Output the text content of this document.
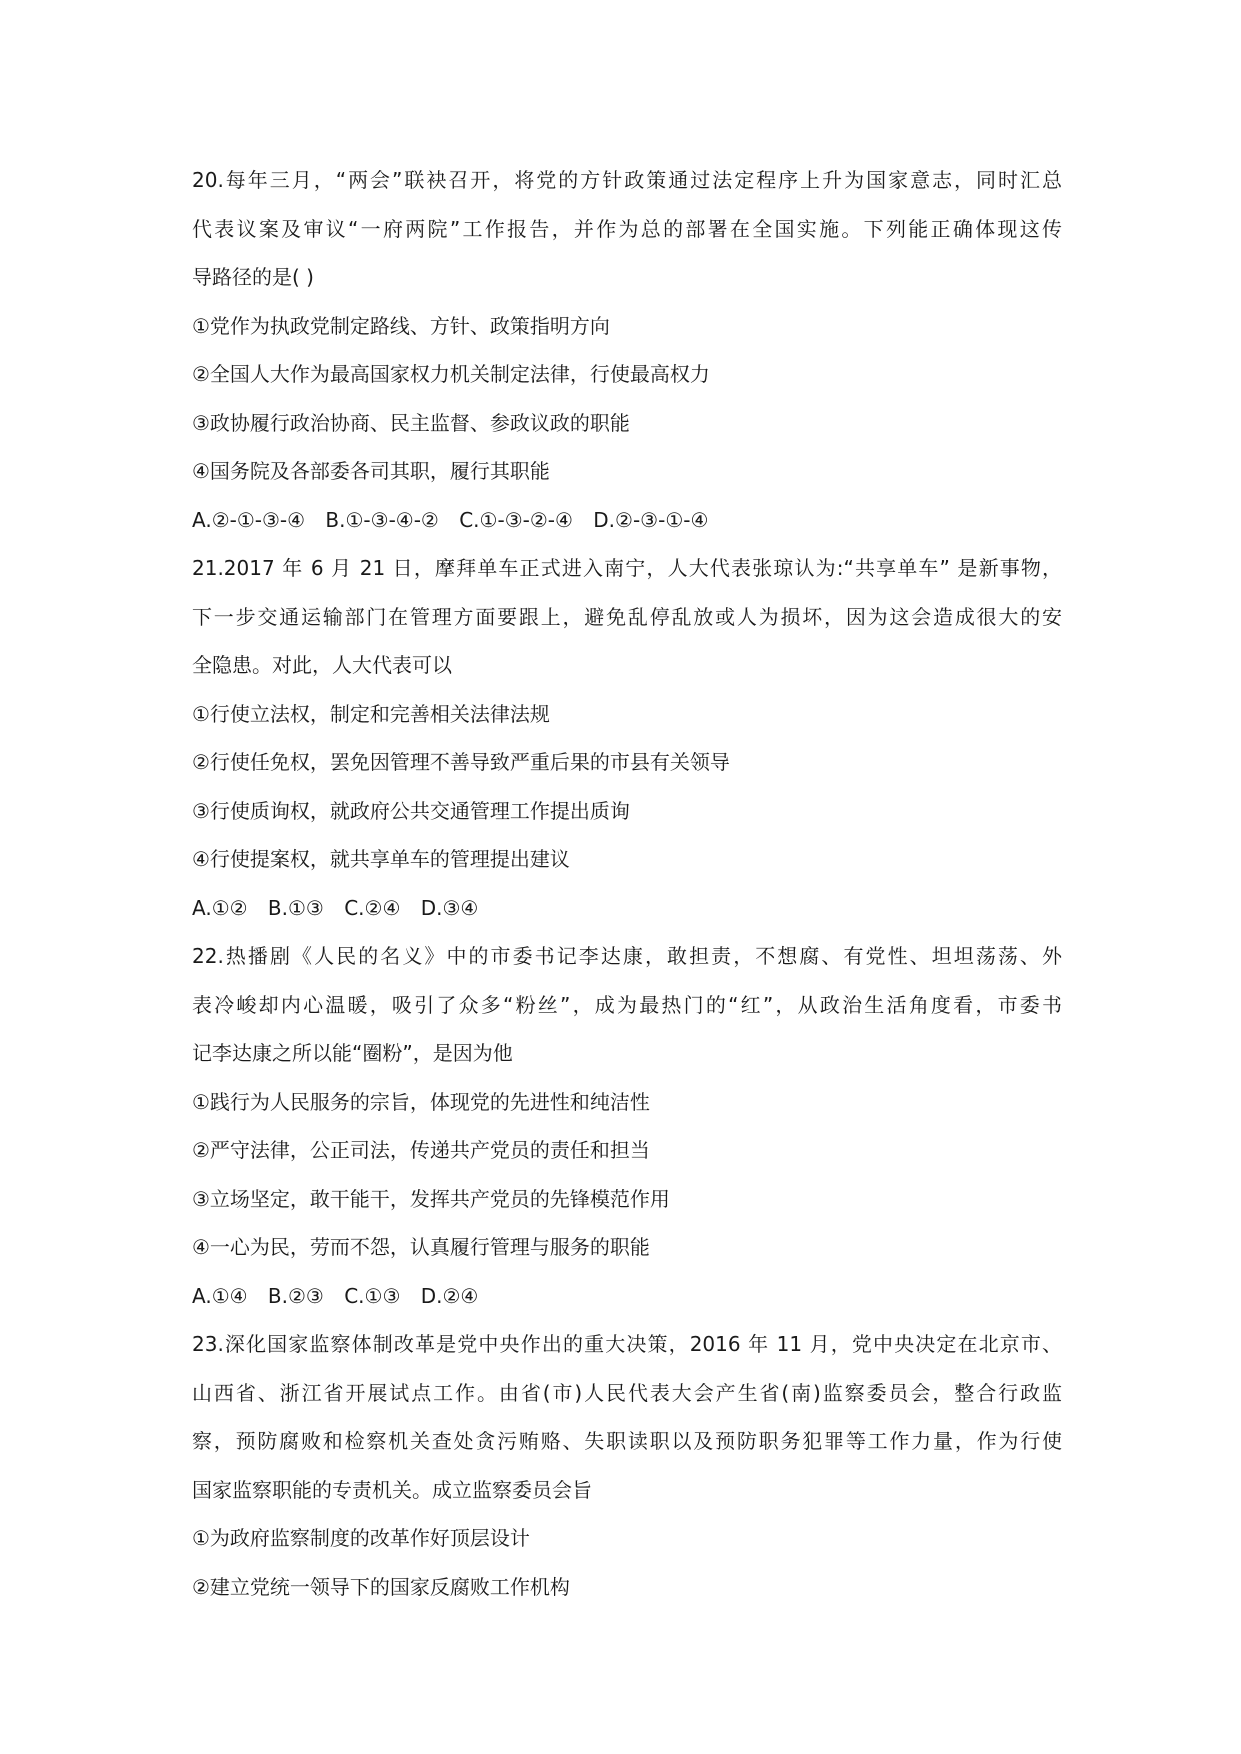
20.每年三月，“两会”联袂召开，将党的方针政策通过法定程序上升为国家意志，同时汇总
代表议案及审议“一府两院”工作报告，并作为总的部署在全国实施。下列能正确体现这传
导路径的是( )
①党作为执政党制定路线、方针、政策指明方向
②全国人大作为最高国家权力机关制定法律，行使最高权力
③政协履行政治协商、民主监督、参政议政的职能
④国务院及各部委各司其职，履行其职能
A.②-①-③-④ B.①-③-④-② C.①-③-②-④ D.②-③-①-④
21.2017 年 6 月 21 日，摩拜单车正式进入南宁，人大代表张琼认为:“共享单车” 是新事物，
下一步交通运输部门在管理方面要跟上，避免乱停乱放或人为损坏，因为这会造成很大的安
全隐患。对此，人大代表可以
①行使立法权，制定和完善相关法律法规
②行使任免权，罢免因管理不善导致严重后果的市县有关领导
③行使质询权，就政府公共交通管理工作提出质询
④行使提案权，就共享单车的管理提出建议
A.①② B.①③ C.②④ D.③④
22.热播剧《人民的名义》中的市委书记李达康，敢担责，不想腐、有党性、坦坦荡荡、外
表冷峻却内心温暖，吸引了众多“粉丝”，成为最热门的“红”，从政治生活角度看，市委书
记李达康之所以能“圈粉”，是因为他
①践行为人民服务的宗旨，体现党的先进性和纯洁性
②严守法律，公正司法，传递共产党员的责任和担当
③立场坚定，敢干能干，发挥共产党员的先锋模范作用
④一心为民，劳而不怨，认真履行管理与服务的职能
A.①④ B.②③ C.①③ D.②④
23.深化国家监察体制改革是党中央作出的重大决策，2016 年 11 月，党中央决定在北京市、
山西省、浙江省开展试点工作。由省(市)人民代表大会产生省(南)监察委员会，整合行政监
察，预防腐败和检察机关查处贪污贿赂、失职读职以及预防职务犯罪等工作力量，作为行使
国家监察职能的专责机关。成立监察委员会旨
①为政府监察制度的改革作好顶层设计
②建立党统一领导下的国家反腐败工作机构
